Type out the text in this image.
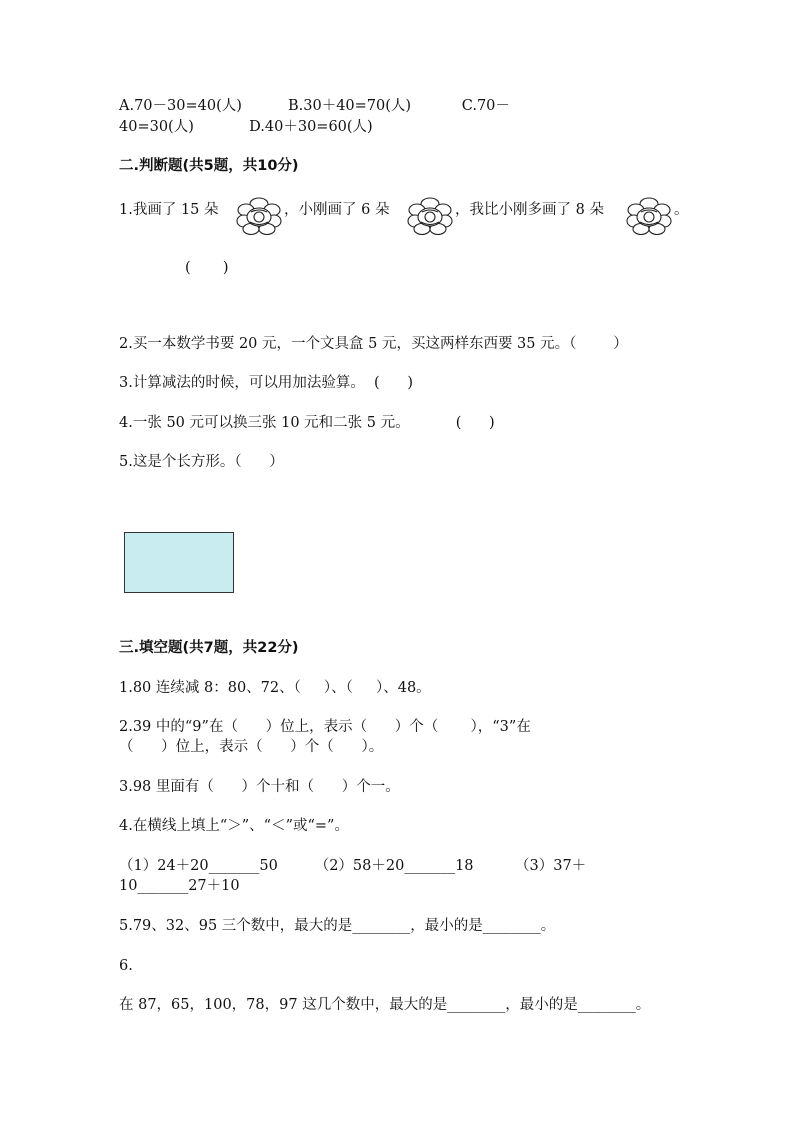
A.70－30=40(人)          B.30＋40=70(人)           C.70－
40=30(人)            D.40＋30=60(人)
二.判断题(共5题，共10分)
1.我画了 15 朵	，小刚画了 6 朵	，我比小刚多画了 8 朵	。
(       )
2.买一本数学书要 20 元，一个文具盒 5 元，买这两样东西要 35 元。（        ）
3.计算减法的时候，可以用加法验算。  (      )
4.一张 50 元可以换三张 10 元和二张 5 元。          (      )
5.这是个长方形。（      ）
三.填空题(共7题，共22分)
1.80 连续减 8：80、72、（     ）、（     ）、48。
2.39 中的“9”在（      ）位上，表示（      ）个（       ），“3”在
（      ）位上，表示（      ）个（      ）。
3.98 里面有（      ）个十和（      ）个一。
4.在横线上填上“＞”、“＜”或“=”。
（1）24＋20_______50        （2）58＋20_______18         （3）37＋
10_______27＋10
5.79、32、95 三个数中，最大的是________，最小的是________。
6.
在 87，65，100，78，97 这几个数中，最大的是________，最小的是________。
